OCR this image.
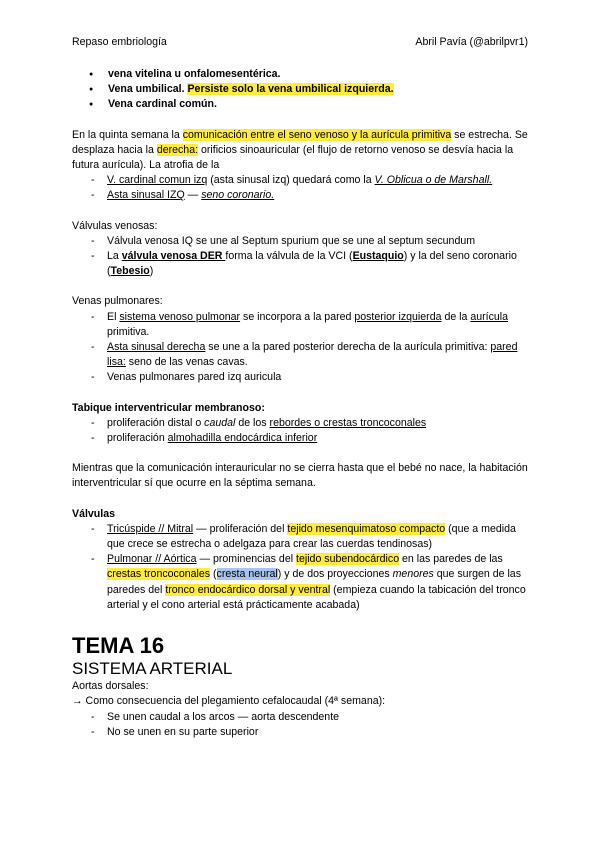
Repaso embriología	Abril Pavía (@abrilpvr1)
● vena vitelina u onfalomesentérica.
● Vena umbilical. Persiste solo la vena umbilical izquierda.
● Vena cardinal común.

En la quinta semana la comunicación entre el seno venoso y la aurícula primitiva se estrecha. Se desplaza hacia la derecha: orificios sinoauricular (el flujo de retorno venoso se desvía hacia la futura aurícula). La atrofia de la

- V. cardinal comun izq (asta sinusal izq) quedará como la V. Oblicua o de Marshall.
- Asta sinusal IZQ — seno coronario.

Válvulas venosas:

- Válvula venosa IQ se une al Septum spurium que se une al septum secundum
- La válvula venosa DER forma la válvula de la VCI (Eustaquio) y la del seno coronario (Tebesio)

Venas pulmonares:

- El sistema venoso pulmonar se incorpora a la pared posterior izquierda de la aurícula primitiva.
- Asta sinusal derecha se une a la pared posterior derecha de la aurícula primitiva: pared lisa: seno de las venas cavas.
- Venas pulmonares pared izq auricula

Tabique interventricular membranoso:

- proliferación distal o caudal de los rebordes o crestas troncoconales
- proliferación almohadilla endocárdica inferior

Mientras que la comunicación interauricular no se cierra hasta que el bebé no nace, la habitación interventricular sí que ocurre en la séptima semana.

Válvulas

- Tricúspide // Mitral — proliferación del tejido mesenquimatoso compacto (que a medida que crece se estrecha o adelgaza para crear las cuerdas tendinosas)
- Pulmonar // Aórtica — prominencias del tejido subendocárdico en las paredes de las crestas troncoconales (cresta neural) y de dos proyecciones menores que surgen de las paredes del tronco endocárdico dorsal y ventral (empieza cuando la tabicación del tronco arterial y el cono arterial está prácticamente acabada)
TEMA 16
SISTEMA ARTERIAL

Aortas dorsales:

→ Como consecuencia del plegamiento cefalocaudal (4ª semana):

- Se unen caudal a los arcos — aorta descendente
- No se unen en su parte superior
